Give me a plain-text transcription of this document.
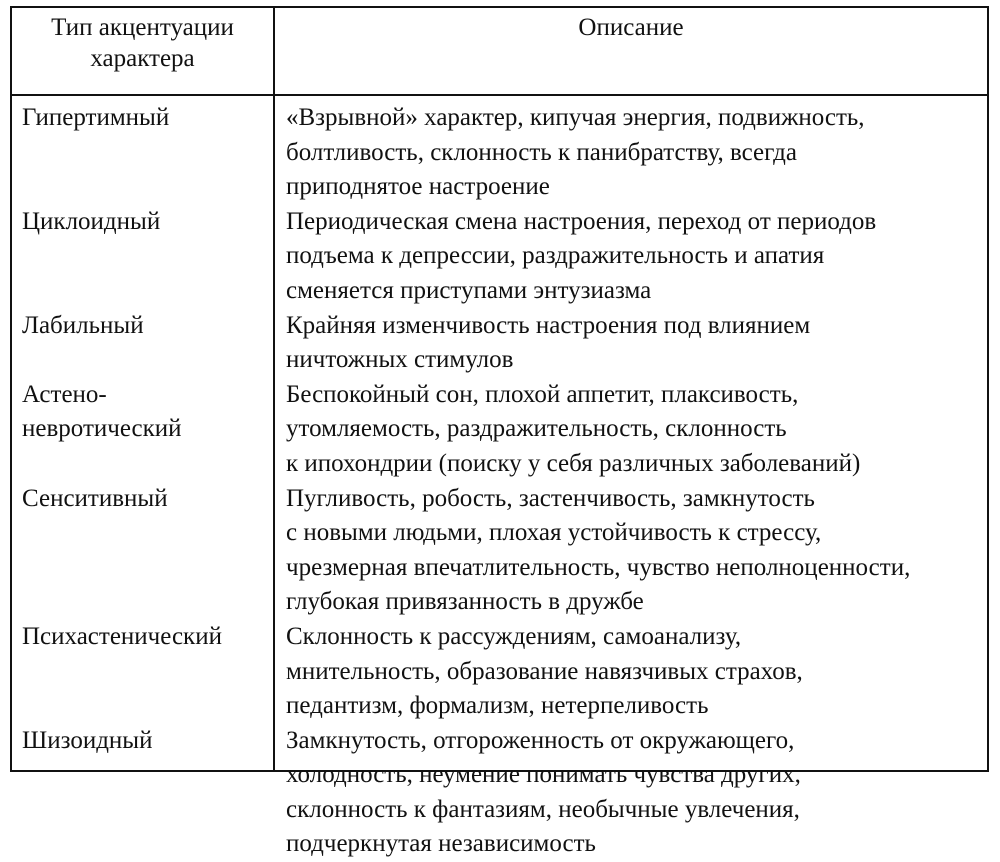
Тип акцентуации
характера
Описание
Гипертимный
Циклоидный
Лабильный
Астено-
невротический
Сенситивный
Психастенический
Шизоидный
«Взрывной» характер, кипучая энергия, подвижность,
болтливость, склонность к панибратству, всегда
приподнятое настроение
Периодическая смена настроения, переход от периодов
подъема к депрессии, раздражительность и апатия
сменяется приступами энтузиазма
Крайняя изменчивость настроения под влиянием
ничтожных стимулов
Беспокойный сон, плохой аппетит, плаксивость,
утомляемость, раздражительность, склонность
к ипохондрии (поиску у себя различных заболеваний)
Пугливость, робость, застенчивость, замкнутость
с новыми людьми, плохая устойчивость к стрессу,
чрезмерная впечатлительность, чувство неполноценности,
глубокая привязанность в дружбе
Склонность к рассуждениям, самоанализу,
мнительность, образование навязчивых страхов,
педантизм, формализм, нетерпеливость
Замкнутость, отгороженность от окружающего,
холодность, неумение понимать чувства других,
склонность к фантазиям, необычные увлечения,
подчеркнутая независимость
